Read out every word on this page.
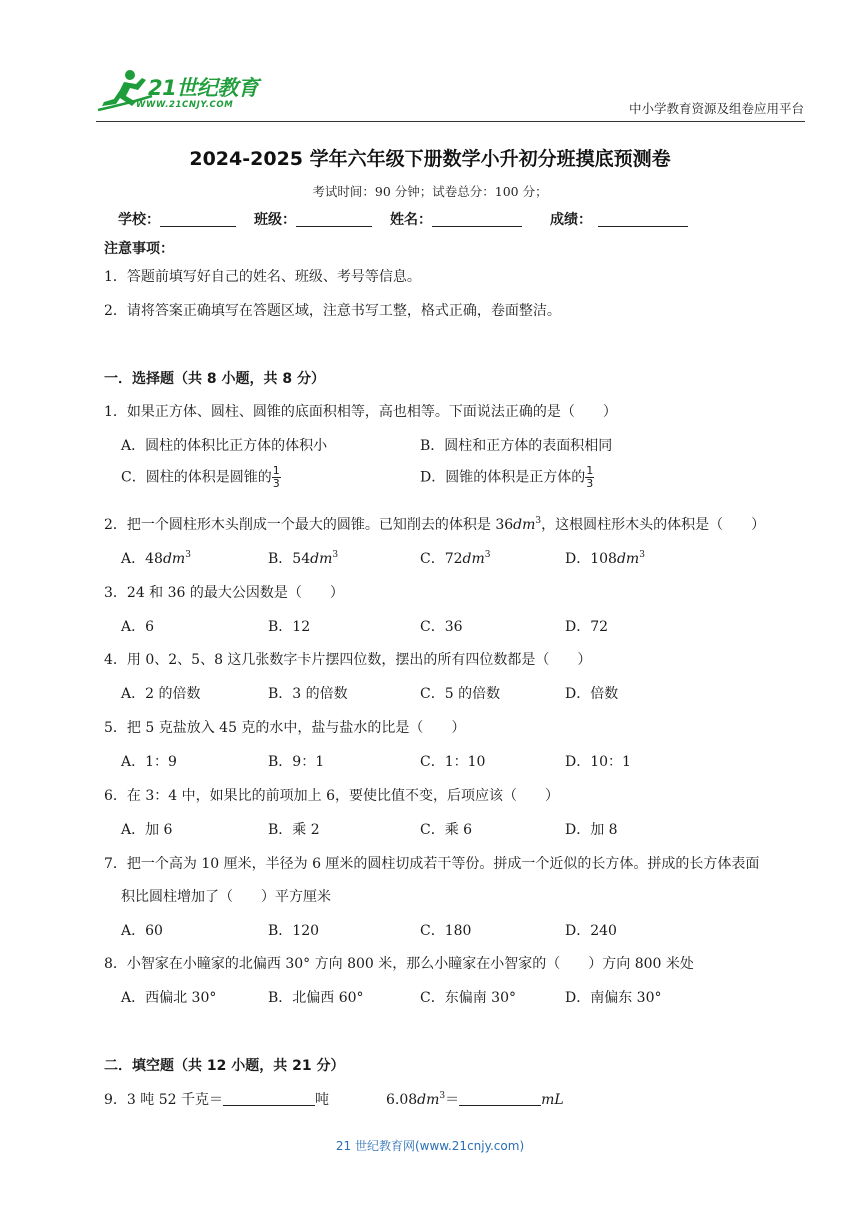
21世纪教育
WWW.21CNJY.COM	中小学教育资源及组卷应用平台
2024-2025 学年六年级下册数学小升初分班摸底预测卷
考试时间：90 分钟；试卷总分：100 分；
学校：	班级：	姓名：	成绩：
注意事项：
1．答题前填写好自己的姓名、班级、考号等信息。
2．请将答案正确填写在答题区域，注意书写工整，格式正确，卷面整洁。
一．选择题（共 8 小题，共 8 分）
1．如果正方体、圆柱、圆锥的底面积相等，高也相等。下面说法正确的是（　　）
A．圆柱的体积比正方体的体积小	B．圆柱和正方体的表面积相同
C．圆柱的体积是圆锥的 $\frac{1}{3}$	D．圆锥的体积是正方体的 $\frac{1}{3}$
2．把一个圆柱形木头削成一个最大的圆锥。已知削去的体积是 $36dm^3$，这根圆柱形木头的体积是（　　）
A．$48dm^3$	B．$54dm^3$	C．$72dm^3$	D．$108dm^3$
3．24 和 36 的最大公因数是（　　）
A．6	B．12	C．36	D．72
4．用 0、2、5、8 这几张数字卡片摆四位数，摆出的所有四位数都是（　　）
A．2 的倍数	B．3 的倍数	C．5 的倍数	D．倍数
5．把 5 克盐放入 45 克的水中，盐与盐水的比是（　　）
A．1：9	B．9：1	C．1：10	D．10：1
6．在 3：4 中，如果比的前项加上 6，要使比值不变，后项应该（　　）
A．加 6	B．乘 2	C．乘 6	D．加 8
7．把一个高为 10 厘米，半径为 6 厘米的圆柱切成若干等份。拼成一个近似的长方体。拼成的长方体表面
积比圆柱增加了（　　）平方厘米
A．60	B．120	C．180	D．240
8．小智家在小瞳家的北偏西 30° 方向 800 米，那么小瞳家在小智家的（　　）方向 800 米处
A．西偏北 30°	B．北偏西 60°	C．东偏南 30°	D．南偏东 30°
二．填空题（共 12 小题，共 21 分）
9．3 吨 52 千克＝	吨	$6.08dm^3=$	mL
21 世纪教育网(www.21cnjy.com)
